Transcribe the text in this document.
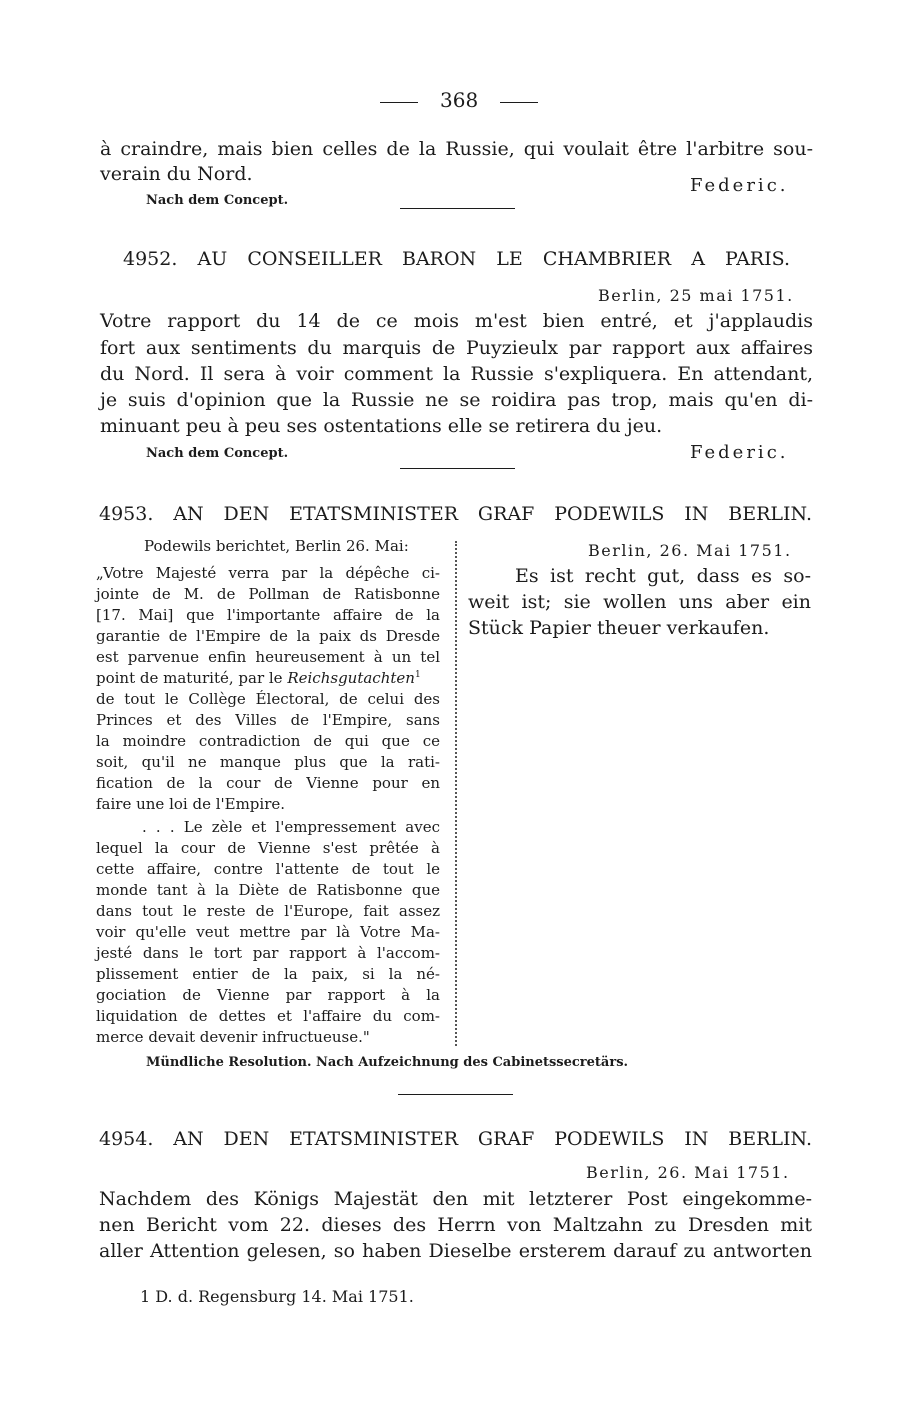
368
à craindre, mais bien celles de la Russie, qui voulait être l'arbitre sou-
verain du Nord.
Federic.
Nach dem Concept.
4952. AU CONSEILLER BARON LE CHAMBRIER A PARIS.
Berlin, 25 mai 1751.
Votre rapport du 14 de ce mois m'est bien entré, et j'applaudis
fort aux sentiments du marquis de Puyzieulx par rapport aux affaires
du Nord. Il sera à voir comment la Russie s'expliquera. En attendant,
je suis d'opinion que la Russie ne se roidira pas trop, mais qu'en di-
minuant peu à peu ses ostentations elle se retirera du jeu.
Nach dem Concept.	Federic.
4953. AN DEN ETATSMINISTER GRAF PODEWILS IN BERLIN.
Podewils berichtet, Berlin 26. Mai:
„Votre Majesté verra par la dépêche ci-
jointe de M. de Pollman de Ratisbonne
[17. Mai] que l'importante affaire de la
garantie de l'Empire de la paix ds Dresde
est parvenue enfin heureusement à un tel
point de maturité, par le Reichsgutachten$^1$
de tout le Collège Électoral, de celui des
Princes et des Villes de l'Empire, sans
la moindre contradiction de qui que ce
soit, qu'il ne manque plus que la rati-
fication de la cour de Vienne pour en
faire une loi de l'Empire.
. . . Le zèle et l'empressement avec
lequel la cour de Vienne s'est prêtée à
cette affaire, contre l'attente de tout le
monde tant à la Diète de Ratisbonne que
dans tout le reste de l'Europe, fait assez
voir qu'elle veut mettre par là Votre Ma-
jesté dans le tort par rapport à l'accom-
plissement entier de la paix, si la né-
gociation de Vienne par rapport à la
liquidation de dettes et l'affaire du com-
merce devait devenir infructueuse."
Berlin, 26. Mai 1751.
Es ist recht gut, dass es so-
weit ist; sie wollen uns aber ein
Stück Papier theuer verkaufen.
Mündliche Resolution. Nach Aufzeichnung des Cabinetssecretärs.
4954. AN DEN ETATSMINISTER GRAF PODEWILS IN BERLIN.
Berlin, 26. Mai 1751.
Nachdem des Königs Majestät den mit letzterer Post eingekomme-
nen Bericht vom 22. dieses des Herrn von Maltzahn zu Dresden mit
aller Attention gelesen, so haben Dieselbe ersterem darauf zu antworten
1 D. d. Regensburg 14. Mai 1751.
